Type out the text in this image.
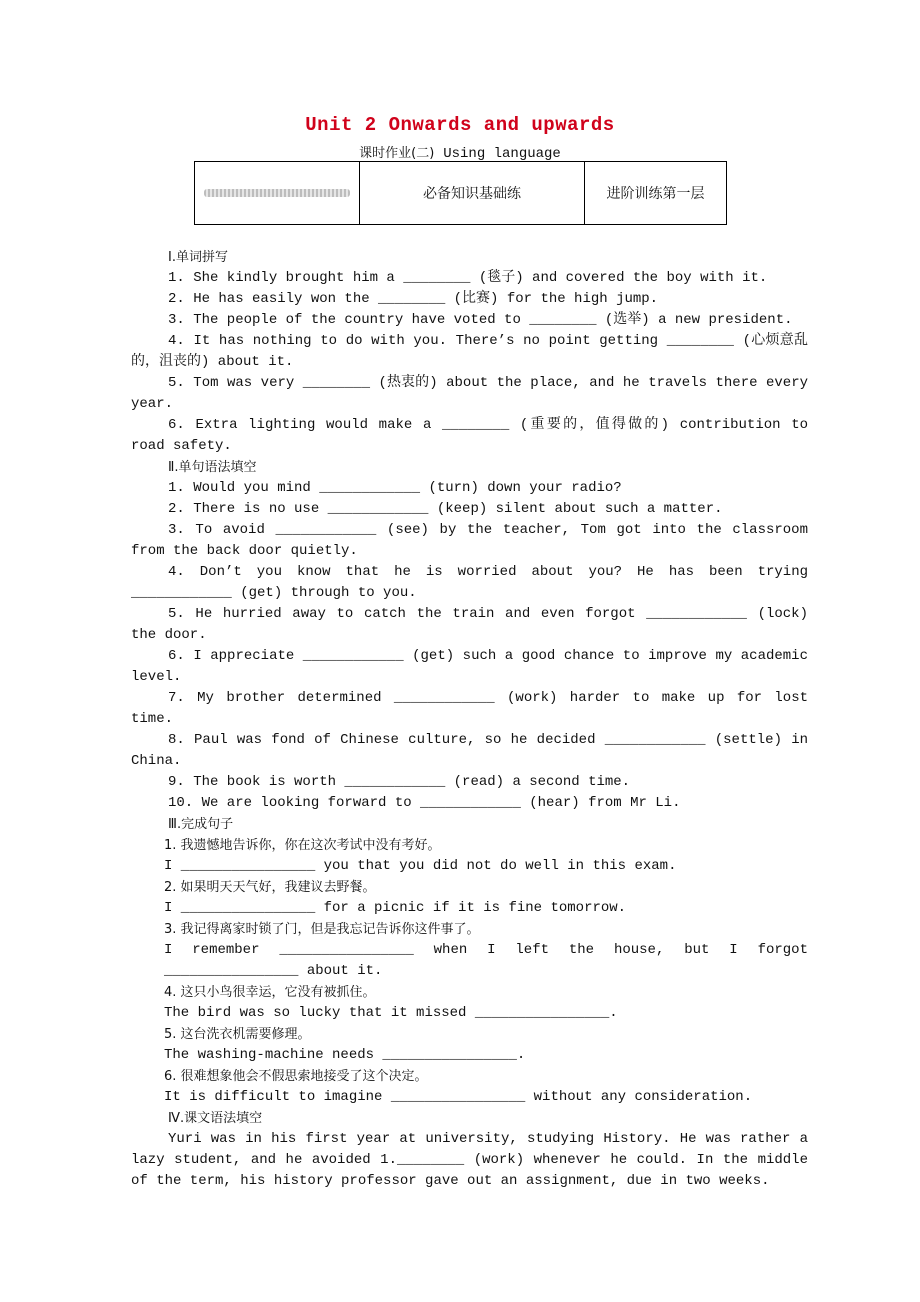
Unit 2 Onwards and upwards
课时作业(二) Using language
	必备知识基础练	进阶训练第一层

Ⅰ.单词拼写

1. She kindly brought him a ________ (毯子) and covered the boy with it.

2. He has easily won the ________ (比赛) for the high jump.

3. The people of the country have voted to ________ (选举) a new president.

4. It has nothing to do with you. There’s no point getting ________ (心烦意乱的，沮丧的) about it.

5. Tom was very ________ (热衷的) about the place, and he travels there every year.

6. Extra lighting would make a ________ (重要的，值得做的) contribution to road safety.

Ⅱ.单句语法填空

1. Would you mind ____________ (turn) down your radio?

2. There is no use ____________ (keep) silent about such a matter.

3. To avoid ____________ (see) by the teacher, Tom got into the classroom from the back door quietly.

4. Don’t you know that he is worried about you? He has been trying ____________ (get) through to you.

5. He hurried away to catch the train and even forgot ____________ (lock) the door.

6. I appreciate ____________ (get) such a good chance to improve my academic level.

7. My brother determined ____________ (work) harder to make up for lost time.

8. Paul was fond of Chinese culture, so he decided ____________ (settle) in China.

9. The book is worth ____________ (read) a second time.

10. We are looking forward to ____________ (hear) from Mr Li.

Ⅲ.完成句子

1. 我遗憾地告诉你，你在这次考试中没有考好。

I ________________ you that you did not do well in this exam.

2. 如果明天天气好，我建议去野餐。

I ________________ for a picnic if it is fine tomorrow.

3. 我记得离家时锁了门，但是我忘记告诉你这件事了。

I remember ________________ when I left the house, but I forgot ________________ about it.

4. 这只小鸟很幸运，它没有被抓住。

The bird was so lucky that it missed ________________.

5. 这台洗衣机需要修理。

The washing-machine needs ________________.

6. 很难想象他会不假思索地接受了这个决定。

It is difficult to imagine ________________ without any consideration.

Ⅳ.课文语法填空

Yuri was in his first year at university, studying History. He was rather a lazy student, and he avoided 1.________ (work) whenever he could. In the middle of the term, his history professor gave out an assignment, due in two weeks.
